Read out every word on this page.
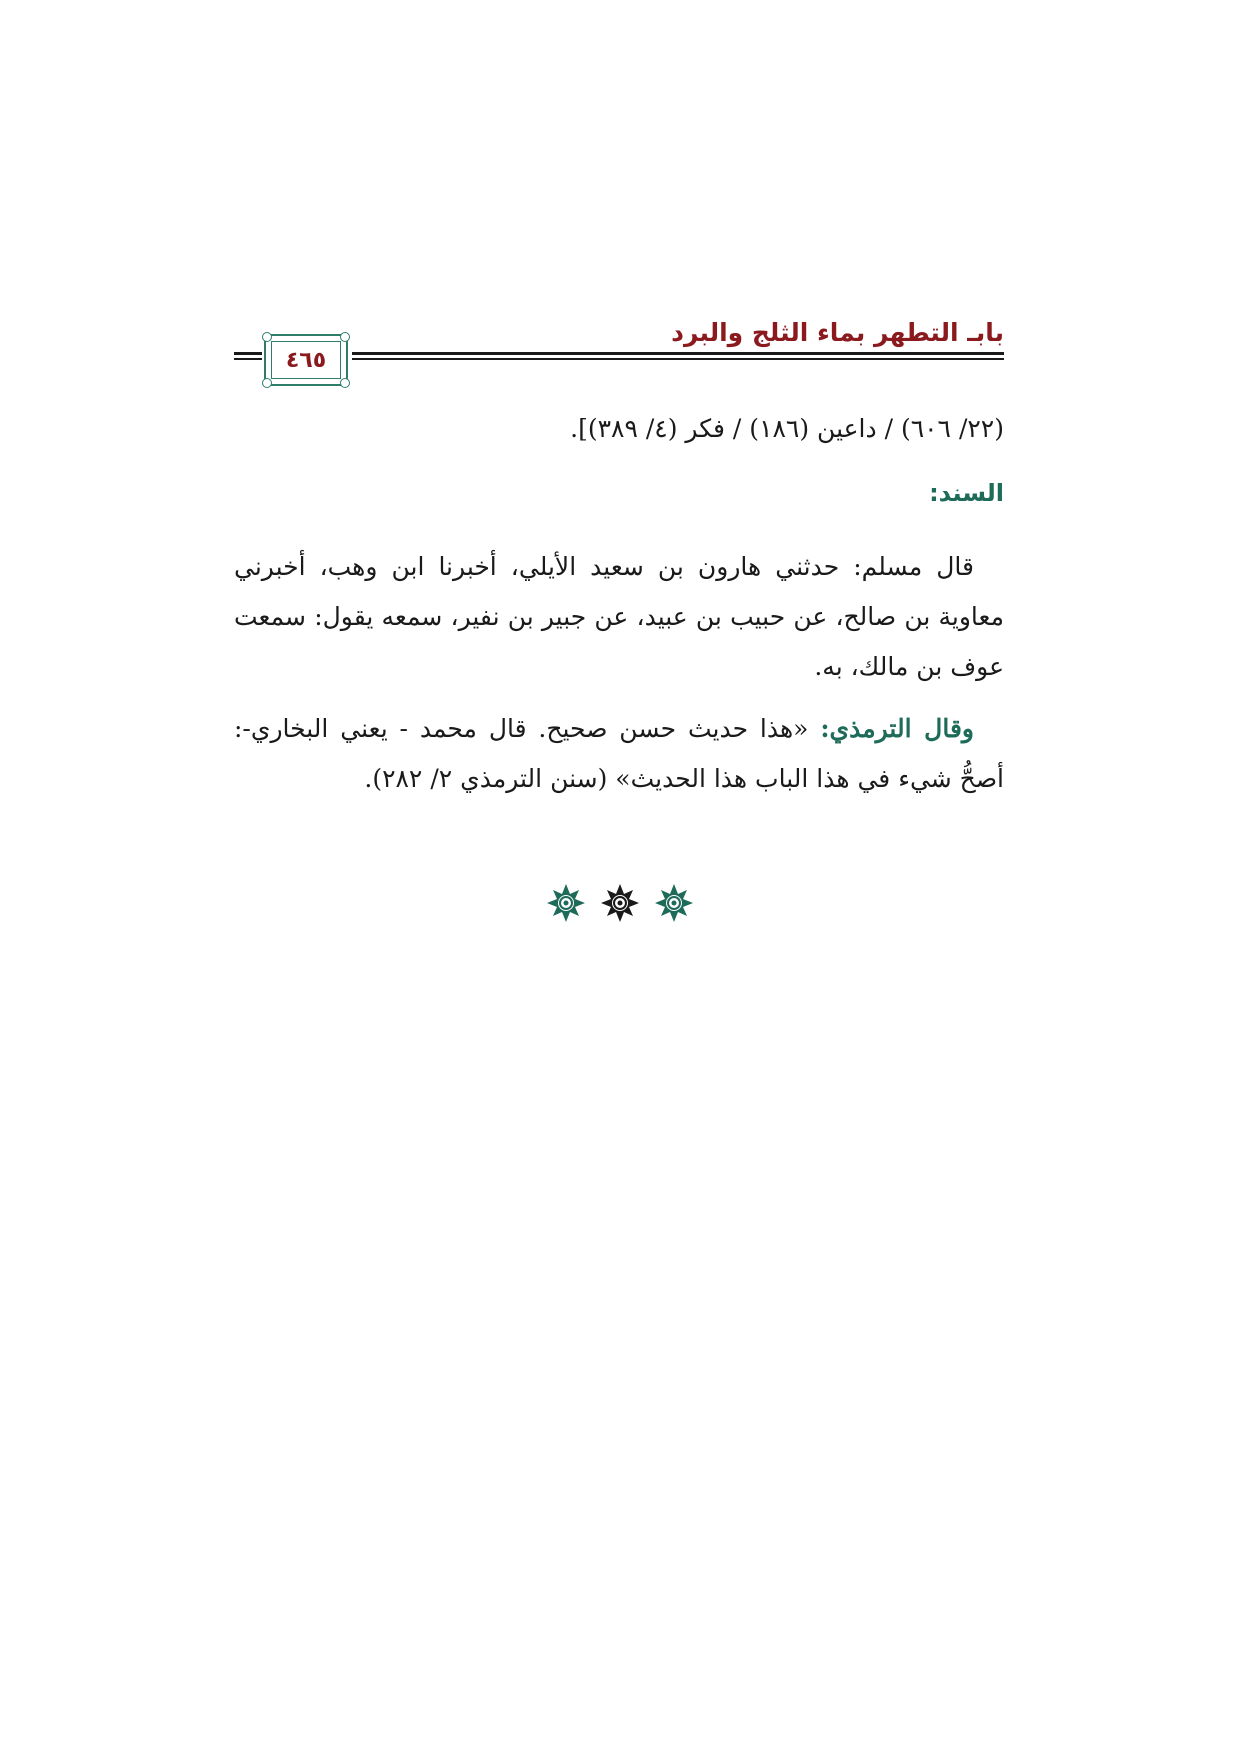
بابـ التطهر بماء الثلج والبرد
٤٦٥

(٢٢/ ٦٠٦) / داعين (١٨٦) / فكر (٤/ ٣٨٩)‌‌]‌.

السند:

قال مسلم: حدثني هارون بن سعيد الأيلي، أخبرنا ابن وهب، أخبرني معاوية بن صالح، عن حبيب بن عبيد، عن جبير بن نفير، سمعه يقول: سمعت عوف بن مالك، به.

وقال الترمذي: «هذا حديث حسن صحيح. قال محمد - يعني البخاري-: أصحُّ شيء في هذا الباب هذا الحديث» (سنن الترمذي ٢/ ٢٨٢).
